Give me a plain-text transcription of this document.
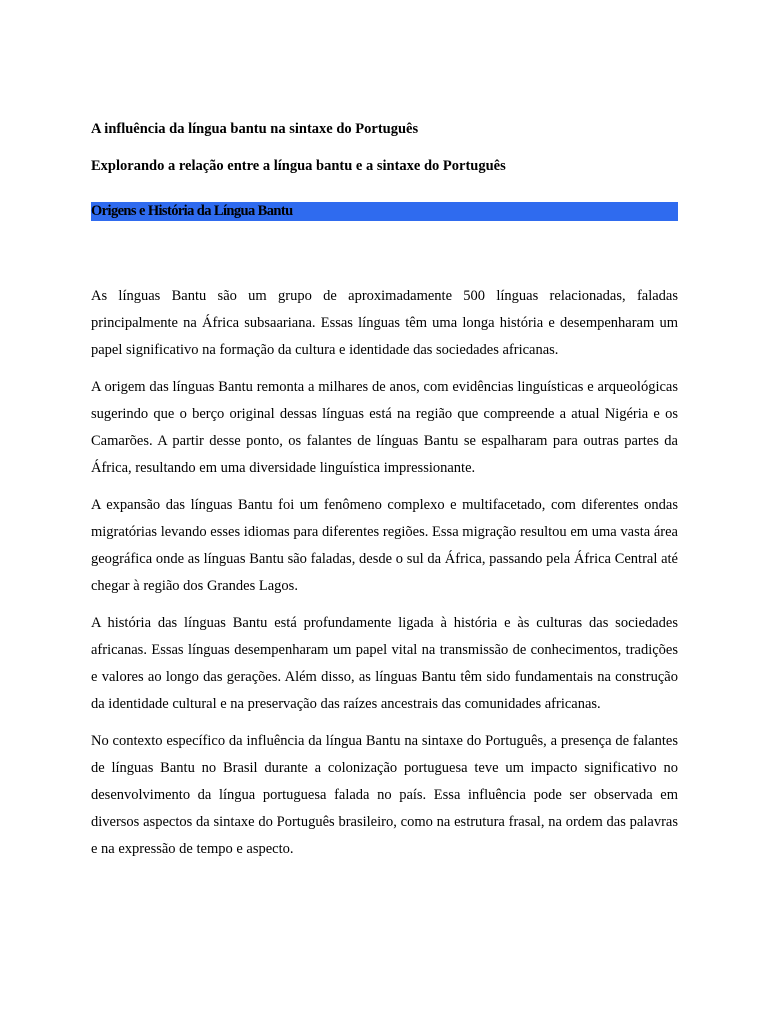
A influência da língua bantu na sintaxe do Português
Explorando a relação entre a língua bantu e a sintaxe do Português
Origens e História da Língua Bantu

As línguas Bantu são um grupo de aproximadamente 500 línguas relacionadas, faladas principalmente na África subsaariana. Essas línguas têm uma longa história e desempenharam um papel significativo na formação da cultura e identidade das sociedades africanas.

A origem das línguas Bantu remonta a milhares de anos, com evidências linguísticas e arqueológicas sugerindo que o berço original dessas línguas está na região que compreende a atual Nigéria e os Camarões. A partir desse ponto, os falantes de línguas Bantu se espalharam para outras partes da África, resultando em uma diversidade linguística impressionante.

A expansão das línguas Bantu foi um fenômeno complexo e multifacetado, com diferentes ondas migratórias levando esses idiomas para diferentes regiões. Essa migração resultou em uma vasta área geográfica onde as línguas Bantu são faladas, desde o sul da África, passando pela África Central até chegar à região dos Grandes Lagos.

A história das línguas Bantu está profundamente ligada à história e às culturas das sociedades africanas. Essas línguas desempenharam um papel vital na transmissão de conhecimentos, tradições e valores ao longo das gerações. Além disso, as línguas Bantu têm sido fundamentais na construção da identidade cultural e na preservação das raízes ancestrais das comunidades africanas.

No contexto específico da influência da língua Bantu na sintaxe do Português, a presença de falantes de línguas Bantu no Brasil durante a colonização portuguesa teve um impacto significativo no desenvolvimento da língua portuguesa falada no país. Essa influência pode ser observada em diversos aspectos da sintaxe do Português brasileiro, como na estrutura frasal, na ordem das palavras e na expressão de tempo e aspecto.
